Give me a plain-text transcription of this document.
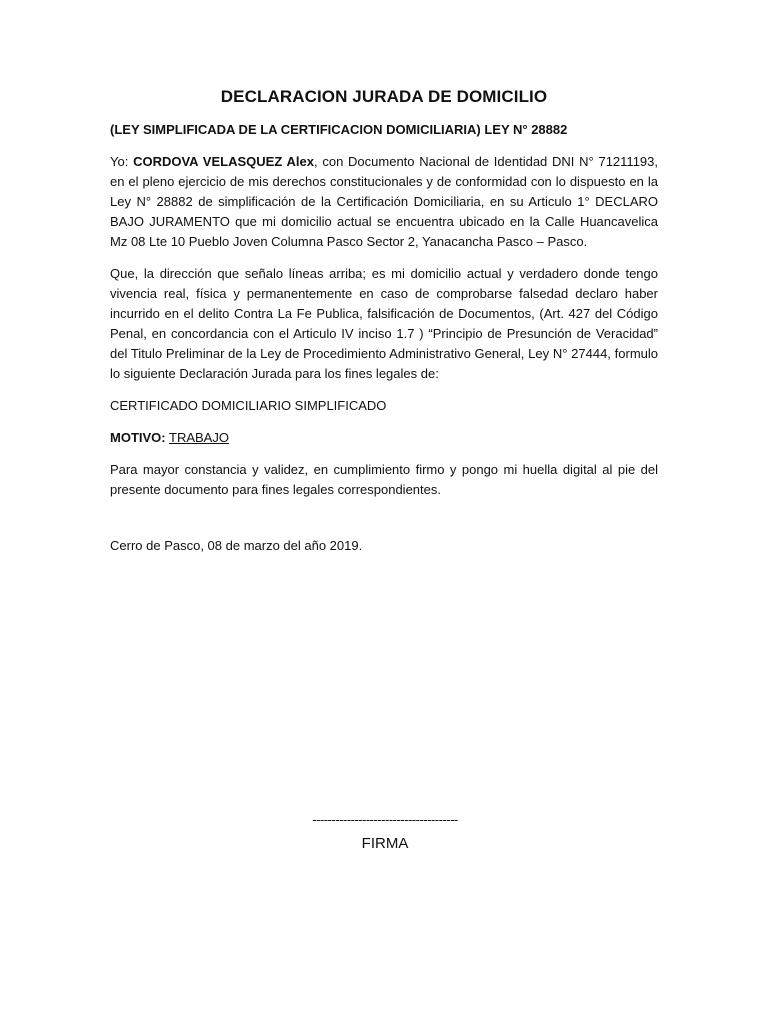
DECLARACION JURADA DE DOMICILIO
(LEY SIMPLIFICADA DE LA CERTIFICACION DOMICILIARIA) LEY N° 28882

Yo: CORDOVA VELASQUEZ Alex, con Documento Nacional de Identidad DNI N° 71211193, en el pleno ejercicio de mis derechos constitucionales y de conformidad con lo dispuesto en la Ley N° 28882 de simplificación de la Certificación Domiciliaria, en su Articulo 1° DECLARO BAJO JURAMENTO que mi domicilio actual se encuentra ubicado en la Calle Huancavelica Mz 08 Lte 10 Pueblo Joven Columna Pasco Sector 2, Yanacancha Pasco – Pasco.

Que, la dirección que señalo líneas arriba; es mi domicilio actual y verdadero donde tengo vivencia real, física y permanentemente en caso de comprobarse falsedad declaro haber incurrido en el delito Contra La Fe Publica, falsificación de Documentos, (Art. 427 del Código Penal, en concordancia con el Articulo IV inciso 1.7 ) “Principio de Presunción de Veracidad” del Titulo Preliminar de la Ley de Procedimiento Administrativo General, Ley N° 27444, formulo lo siguiente Declaración Jurada para los fines legales de:

CERTIFICADO DOMICILIARIO SIMPLIFICADO

MOTIVO: TRABAJO

Para mayor constancia y validez, en cumplimiento firmo y pongo mi huella digital al pie del presente documento para fines legales correspondientes.

Cerro de Pasco, 08 de marzo del año 2019.
--------------------------------------
FIRMA
